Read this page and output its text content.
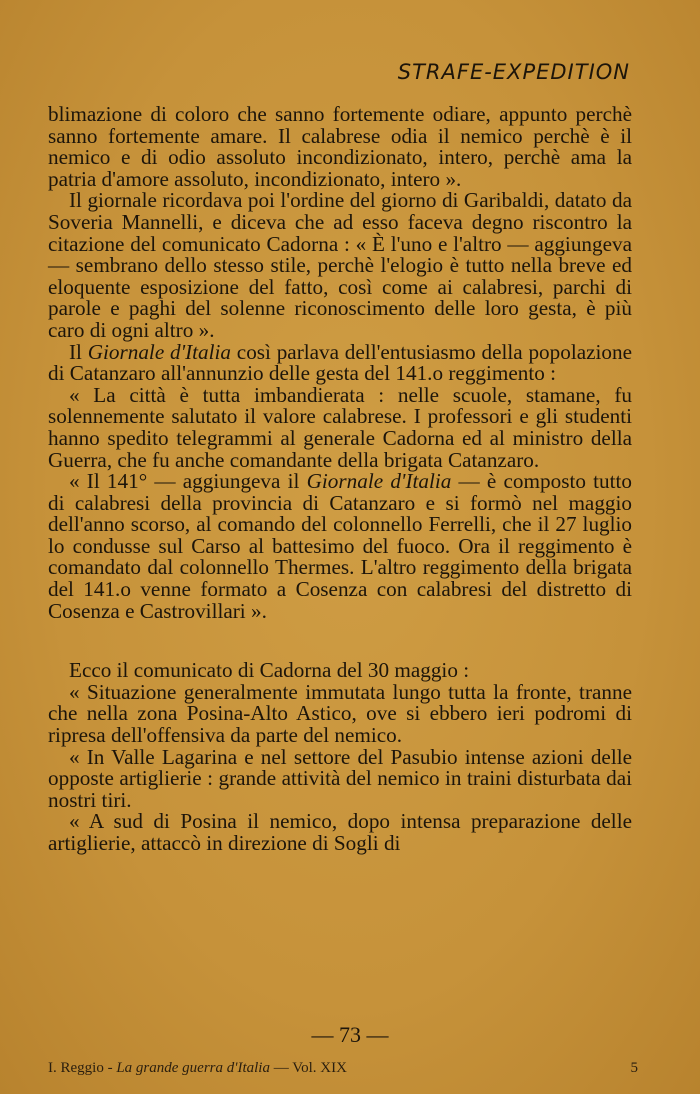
STRAFE-EXPEDITION

blimazione di coloro che sanno fortemente odiare, appunto perchè sanno fortemente amare. Il calabrese odia il nemico perchè è il nemico e di odio assoluto incondizionato, intero, perchè ama la patria d'amore assoluto, incondizionato, intero ».

Il giornale ricordava poi l'ordine del giorno di Garibaldi, datato da Soveria Mannelli, e diceva che ad esso faceva degno riscontro la citazione del comunicato Cadorna : « È l'uno e l'altro — aggiungeva — sembrano dello stesso stile, perchè l'elogio è tutto nella breve ed eloquente esposizione del fatto, così come ai calabresi, parchi di parole e paghi del solenne riconoscimento delle loro gesta, è più caro di ogni altro ».

Il Giornale d'Italia così parlava dell'entusiasmo della popolazione di Catanzaro all'annunzio delle gesta del 141.o reggimento :

« La città è tutta imbandierata : nelle scuole, stamane, fu solennemente salutato il valore calabrese. I professori e gli studenti hanno spedito telegrammi al generale Cadorna ed al ministro della Guerra, che fu anche comandante della brigata Catanzaro.

« Il 141° — aggiungeva il Giornale d'Italia — è composto tutto di calabresi della provincia di Catanzaro e si formò nel maggio dell'anno scorso, al comando del colonnello Ferrelli, che il 27 luglio lo condusse sul Carso al battesimo del fuoco. Ora il reggimento è comandato dal colonnello Thermes. L'altro reggimento della brigata del 141.o venne formato a Cosenza con calabresi del distretto di Cosenza e Castrovillari ».

Ecco il comunicato di Cadorna del 30 maggio :

« Situazione generalmente immutata lungo tutta la fronte, tranne che nella zona Posina-Alto Astico, ove si ebbero ieri podromi di ripresa dell'offensiva da parte del nemico.

« In Valle Lagarina e nel settore del Pasubio intense azioni delle opposte artiglierie : grande attività del nemico in traini disturbata dai nostri tiri.

« A sud di Posina il nemico, dopo intensa preparazione delle artiglierie, attaccò in direzione di Sogli di

— 73 —
I. Reggio - La grande guerra d'Italia — Vol. XIX	5
